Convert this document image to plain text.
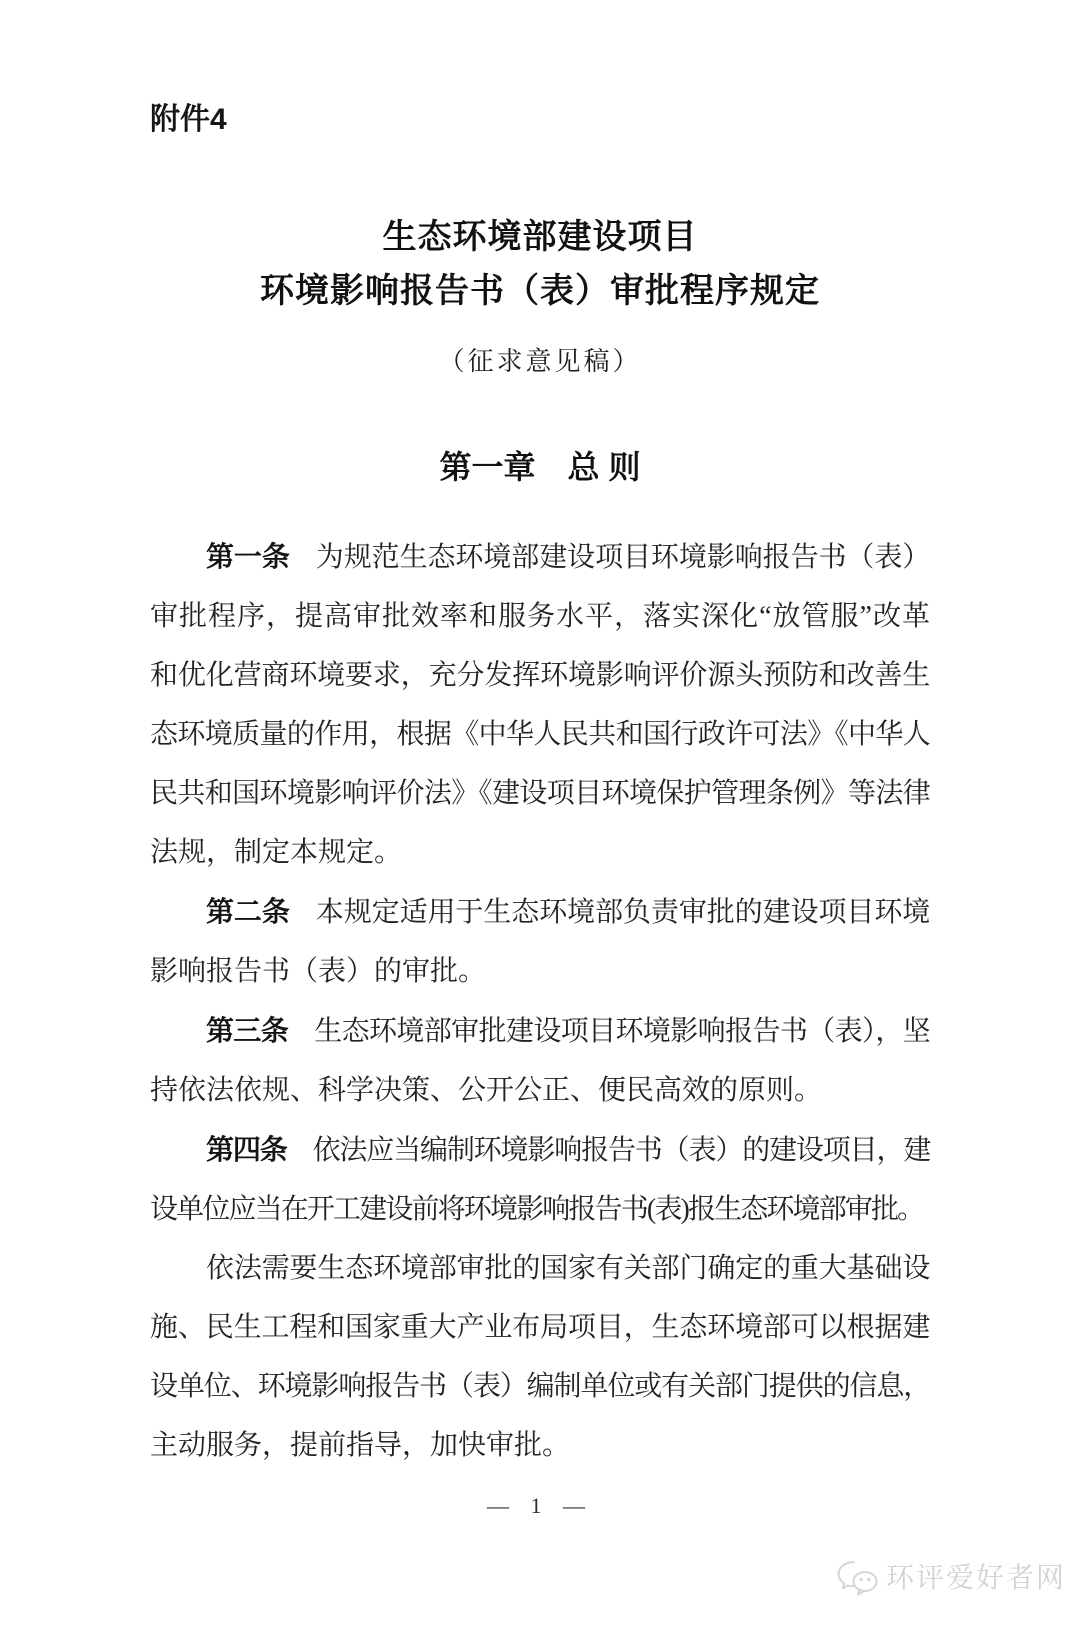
附件4
生态环境部建设项目
环境影响报告书（表）审批程序规定
（征求意见稿）
第一章　总 则
第一条 为规范生态环境部建设项目环境影响报告书（表）
审批程序，提高审批效率和服务水平，落实深化“放管服”改革
和优化营商环境要求，充分发挥环境影响评价源头预防和改善生
态环境质量的作用，根据《中华人民共和国行政许可法》《中华人
民共和国环境影响评价法》《建设项目环境保护管理条例》等法律
法规，制定本规定。
第二条 本规定适用于生态环境部负责审批的建设项目环境
影响报告书（表）的审批。
第三条 生态环境部审批建设项目环境影响报告书（表），坚
持依法依规、科学决策、公开公正、便民高效的原则。
第四条 依法应当编制环境影响报告书（表）的建设项目，建
设单位应当在开工建设前将环境影响报告书(表)报生态环境部审批。
依法需要生态环境部审批的国家有关部门确定的重大基础设
施、民生工程和国家重大产业布局项目，生态环境部可以根据建
设单位、环境影响报告书（表）编制单位或有关部门提供的信息，
主动服务，提前指导，加快审批。
— 1 —
环评爱好者网
